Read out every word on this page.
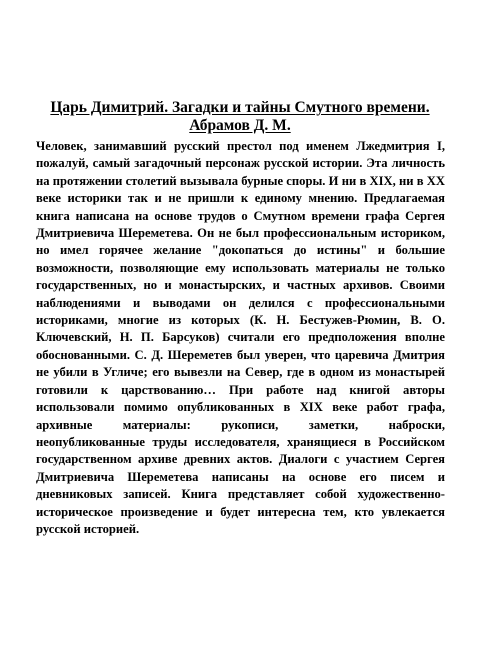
Царь Димитрий. Загадки и тайны Смутного времени.
Абрамов Д. М.

Человек, занимавший русский престол под именем Лжедмитрия I, пожалуй, самый загадочный персонаж русской истории. Эта личность на протяжении столетий вызывала бурные споры. И ни в XIX, ни в XX веке историки так и не пришли к единому мнению. Предлагаемая книга написана на основе трудов о Смутном времени графа Сергея Дмитриевича Шереметева. Он не был профессиональным историком, но имел горячее желание "докопаться до истины" и большие возможности, позволяющие ему использовать материалы не только государственных, но и монастырских, и частных архивов. Своими наблюдениями и выводами он делился с профессиональными историками, многие из которых (К. Н. Бестужев-Рюмин, В. О. Ключевский, Н. П. Барсуков) считали его предположения вполне обоснованными. С. Д. Шереметев был уверен, что царевича Дмитрия не убили в Угличе; его вывезли на Север, где в одном из монастырей готовили к царствованию… При работе над книгой авторы использовали помимо опубликованных в XIX веке работ графа, архивные материалы: рукописи, заметки, наброски, неопубликованные труды исследователя, хранящиеся в Российском государственном архиве древних актов. Диалоги с участием Сергея Дмитриевича Шереметева написаны на основе его писем и дневниковых записей. Книга представляет собой художественно-историческое произведение и будет интересна тем, кто увлекается русской историей.
